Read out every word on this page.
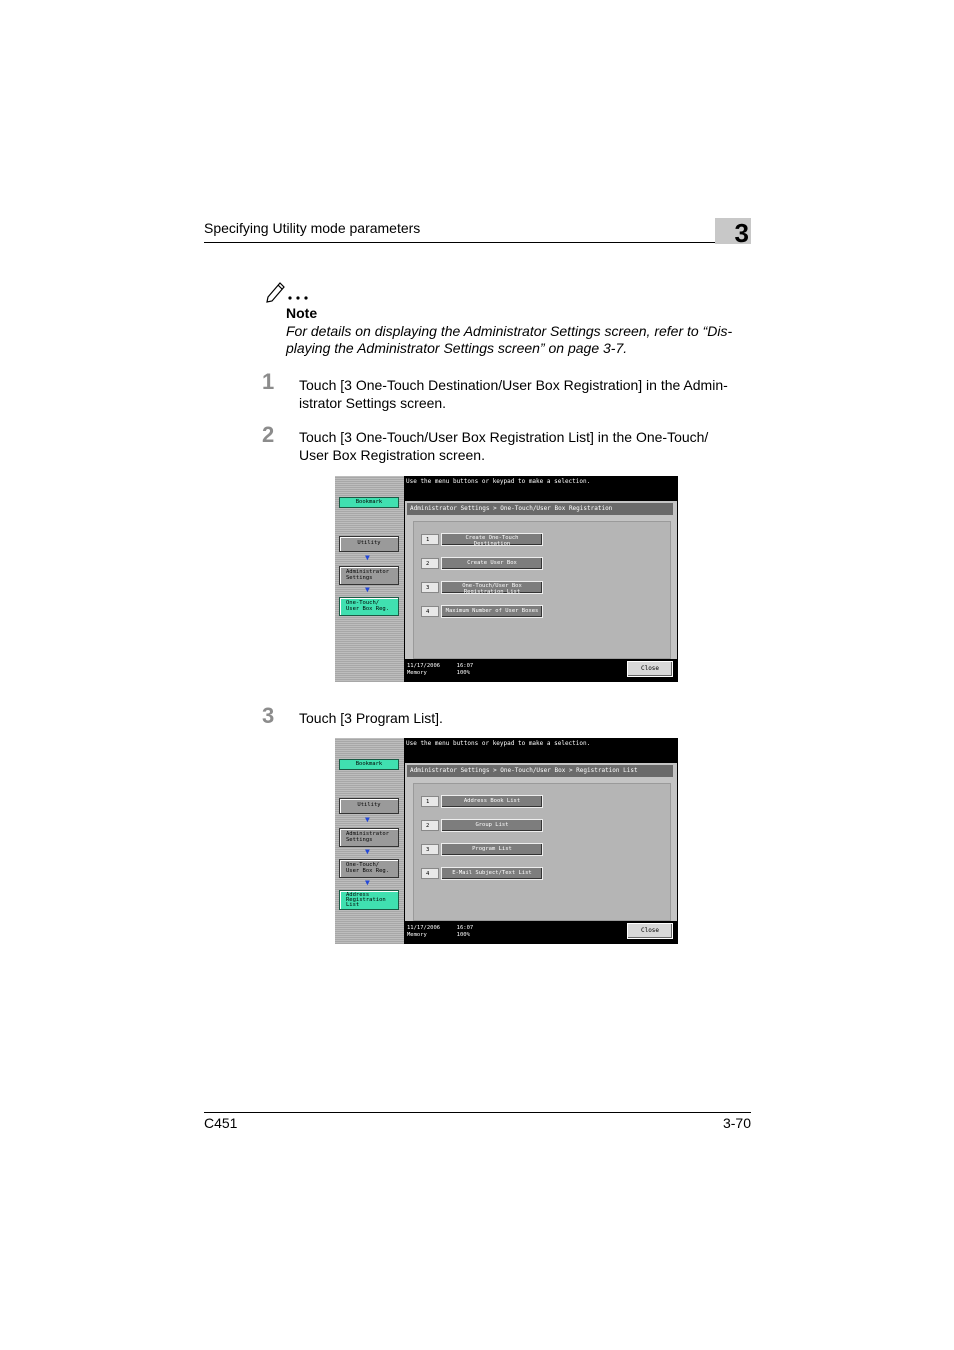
Specifying Utility mode parameters	3
Note
For details on displaying the Administrator Settings screen, refer to “Dis-
playing the Administrator Settings screen” on page 3-7.
1 Touch [3 One-Touch Destination/User Box Registration] in the Admin-
istrator Settings screen.
2 Touch [3 One-Touch/User Box Registration List] in the One-Touch/
User Box Registration screen.
Bookmark
Utility
▼
Administrator
Settings
▼
One-Touch/
User Box Reg.
Use the menu buttons or keypad to make a selection.
Administrator Settings > One-Touch/User Box Registration
1	Create One-Touch
Destination
2	Create User Box
3	One-Touch/User Box
Registration List
4	Maximum Number of User Boxes
11/17/2006     16:07
Memory         100%
Close
3 Touch [3 Program List].
Bookmark
Utility
▼
Administrator
Settings
▼
One-Touch/
User Box Reg.
▼
Address
Registration
List
Use the menu buttons or keypad to make a selection.
Administrator Settings > One-Touch/User Box > Registration List
1	Address Book List
2	Group List
3	Program List
4	E-Mail Subject/Text List
11/17/2006     16:07
Memory         100%
Close
C451	3-70
